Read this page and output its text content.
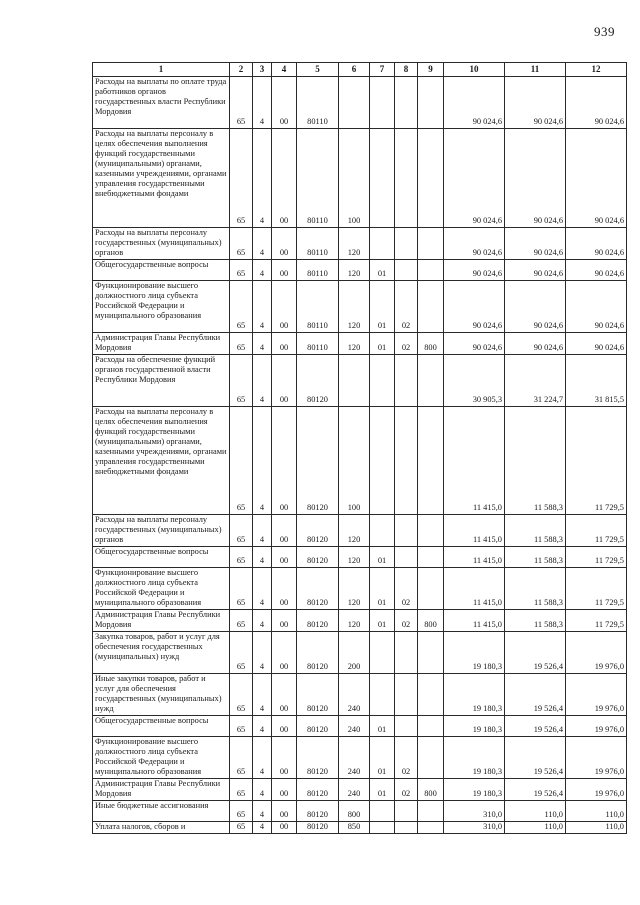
939
1	2	3	4	5	6	7	8	9	10	11	12

Расходы на выплаты по оплате труда работников органов государственных власти Республики Мордовия	65	4	00	80110					90 024,6	90 024,6	90 024,6

Расходы на выплаты персоналу в целях обеспечения выполнения функций государственными (муниципальными) органами, казенными учреждениями, органами управления государственными внебюджетными фондами	65	4	00	80110	100				90 024,6	90 024,6	90 024,6

Расходы на выплаты персоналу государственных (муниципальных) органов	65	4	00	80110	120				90 024,6	90 024,6	90 024,6

Общегосударственные вопросы	65	4	00	80110	120	01			90 024,6	90 024,6	90 024,6

Функционирование высшего должностного лица субъекта Российской Федерации и муниципального образования	65	4	00	80110	120	01	02		90 024,6	90 024,6	90 024,6

Администрация Главы Республики Мордовия	65	4	00	80110	120	01	02	800	90 024,6	90 024,6	90 024,6

Расходы на обеспечение функций органов государственной власти Республики Мордовия	65	4	00	80120					30 905,3	31 224,7	31 815,5

Расходы на выплаты персоналу в целях обеспечения выполнения функций государственными (муниципальными) органами, казенными учреждениями, органами управления государственными внебюджетными фондами	65	4	00	80120	100				11 415,0	11 588,3	11 729,5

Расходы на выплаты персоналу государственных (муниципальных) органов	65	4	00	80120	120				11 415,0	11 588,3	11 729,5

Общегосударственные вопросы	65	4	00	80120	120	01			11 415,0	11 588,3	11 729,5

Функционирование высшего должностного лица субъекта Российской Федерации и муниципального образования	65	4	00	80120	120	01	02		11 415,0	11 588,3	11 729,5

Администрация Главы Республики Мордовия	65	4	00	80120	120	01	02	800	11 415,0	11 588,3	11 729,5

Закупка товаров, работ и услуг для обеспечения государственных (муниципальных) нужд	65	4	00	80120	200				19 180,3	19 526,4	19 976,0

Иные закупки товаров, работ и услуг для обеспечения государственных (муниципальных) нужд	65	4	00	80120	240				19 180,3	19 526,4	19 976,0

Общегосударственные вопросы	65	4	00	80120	240	01			19 180,3	19 526,4	19 976,0

Функционирование высшего должностного лица субъекта Российской Федерации и муниципального образования	65	4	00	80120	240	01	02		19 180,3	19 526,4	19 976,0

Администрация Главы Республики Мордовия	65	4	00	80120	240	01	02	800	19 180,3	19 526,4	19 976,0

Иные бюджетные ассигнования	65	4	00	80120	800				310,0	110,0	110,0

Уплата налогов, сборов и	65	4	00	80120	850				310,0	110,0	110,0
